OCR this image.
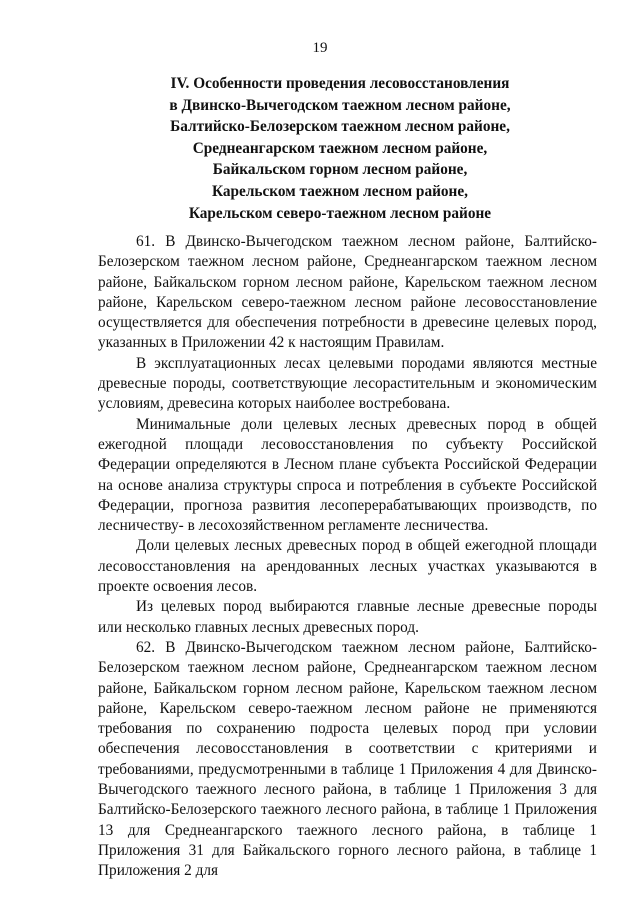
19
IV. Особенности проведения лесовосстановления
в Двинско-Вычегодском таежном лесном районе,
Балтийско-Белозерском таежном лесном районе,
Среднеангарском таежном лесном районе,
Байкальском горном лесном районе,
Карельском таежном лесном районе,
Карельском северо-таежном лесном районе

61. В Двинско-Вычегодском таежном лесном районе, Балтийско-Белозерском таежном лесном районе, Среднеангарском таежном лесном районе, Байкальском горном лесном районе, Карельском таежном лесном районе, Карельском северо-таежном лесном районе лесовосстановление осуществляется для обеспечения потребности в древесине целевых пород, указанных в Приложении 42 к настоящим Правилам.

В эксплуатационных лесах целевыми породами являются местные древесные породы, соответствующие лесорастительным и экономическим условиям, древесина которых наиболее востребована.

Минимальные доли целевых лесных древесных пород в общей ежегодной площади лесовосстановления по субъекту Российской Федерации определяются в Лесном плане субъекта Российской Федерации на основе анализа структуры спроса и потребления в субъекте Российской Федерации, прогноза развития лесоперерабатывающих производств, по лесничеству- в лесохозяйственном регламенте лесничества.

Доли целевых лесных древесных пород в общей ежегодной площади лесовосстановления на арендованных лесных участках указываются в проекте освоения лесов.

Из целевых пород выбираются главные лесные древесные породы или несколько главных лесных древесных пород.

62. В Двинско-Вычегодском таежном лесном районе, Балтийско-Белозерском таежном лесном районе, Среднеангарском таежном лесном районе, Байкальском горном лесном районе, Карельском таежном лесном районе, Карельском северо-таежном лесном районе не применяются требования по сохранению подроста целевых пород при условии обеспечения лесовосстановления в соответствии с критериями и требованиями, предусмотренными в таблице 1 Приложения 4 для Двинско-Вычегодского таежного лесного района, в таблице 1 Приложения 3 для Балтийско-Белозерского таежного лесного района, в таблице 1 Приложения 13 для Среднеангарского таежного лесного района, в таблице 1 Приложения 31 для Байкальского горного лесного района, в таблице 1 Приложения 2 для
